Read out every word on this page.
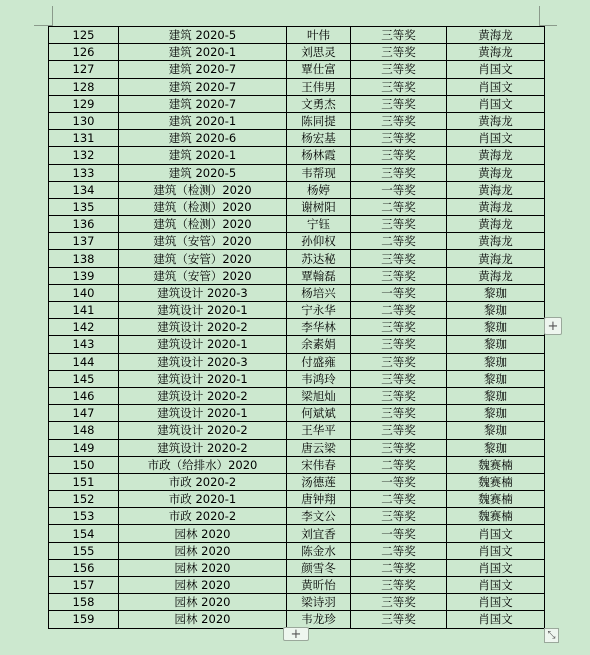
125	建筑 2020-5	叶伟	三等奖	黄海龙
126	建筑 2020-1	刘思灵	三等奖	黄海龙
127	建筑 2020-7	覃仕富	三等奖	肖国文
128	建筑 2020-7	王伟男	三等奖	肖国文
129	建筑 2020-7	文勇杰	三等奖	肖国文
130	建筑 2020-1	陈同提	三等奖	黄海龙
131	建筑 2020-6	杨宏基	三等奖	肖国文
132	建筑 2020-1	杨林霞	三等奖	黄海龙
133	建筑 2020-5	韦帮现	三等奖	黄海龙
134	建筑（检测）2020	杨婷	一等奖	黄海龙
135	建筑（检测）2020	谢树阳	二等奖	黄海龙
136	建筑（检测）2020	宁钰	三等奖	黄海龙
137	建筑（安管）2020	孙仰权	二等奖	黄海龙
138	建筑（安管）2020	苏达秘	三等奖	黄海龙
139	建筑（安管）2020	覃翰磊	三等奖	黄海龙
140	建筑设计 2020-3	杨培兴	一等奖	黎珈
141	建筑设计 2020-1	宁永华	二等奖	黎珈
142	建筑设计 2020-2	李华林	三等奖	黎珈
143	建筑设计 2020-1	余素娟	三等奖	黎珈
144	建筑设计 2020-3	付盛雍	三等奖	黎珈
145	建筑设计 2020-1	韦鸿玲	三等奖	黎珈
146	建筑设计 2020-2	梁旭灿	三等奖	黎珈
147	建筑设计 2020-1	何斌斌	三等奖	黎珈
148	建筑设计 2020-2	王华平	三等奖	黎珈
149	建筑设计 2020-2	唐云梁	三等奖	黎珈
150	市政（给排水）2020	宋伟春	二等奖	魏赛楠
151	市政 2020-2	汤德莲	一等奖	魏赛楠
152	市政 2020-1	唐钟翔	二等奖	魏赛楠
153	市政 2020-2	李文公	三等奖	魏赛楠
154	园林 2020	刘宜香	一等奖	肖国文
155	园林 2020	陈金水	二等奖	肖国文
156	园林 2020	颜雪冬	二等奖	肖国文
157	园林 2020	黄昕怡	三等奖	肖国文
158	园林 2020	梁诗羽	三等奖	肖国文
159	园林 2020	韦龙珍	三等奖	肖国文
+
+	⤡
